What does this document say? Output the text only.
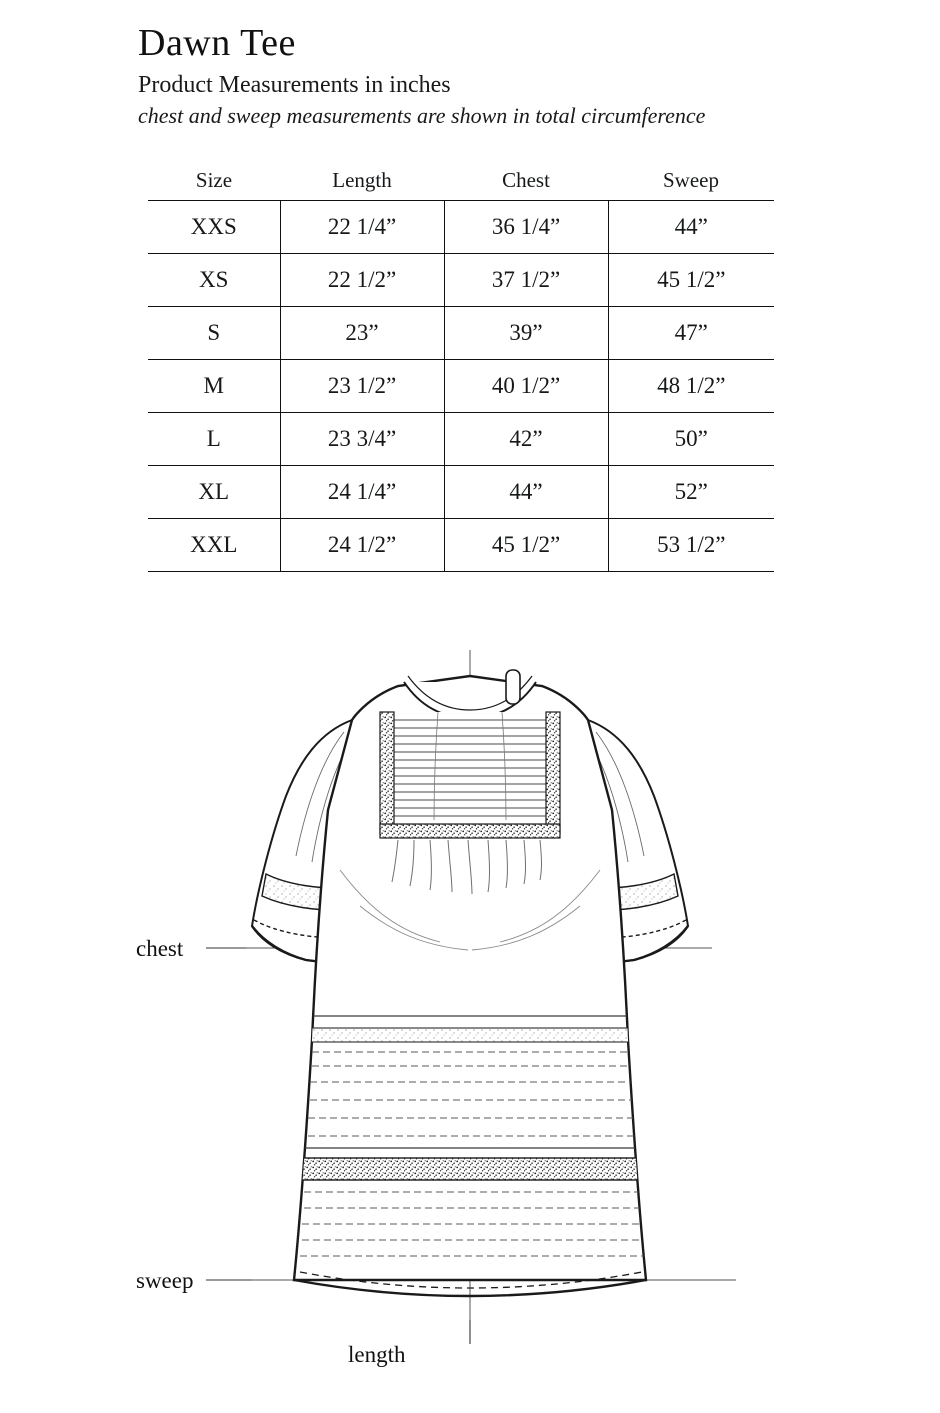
Dawn Tee

Product Measurements in inches

chest and sweep measurements are shown in total circumference

Size	Length	Chest	Sweep
XXS	22 1/4”	36 1/4”	44”
XS	22 1/2”	37 1/2”	45 1/2”
S	23”	39”	47”
M	23 1/2”	40 1/2”	48 1/2”
L	23 3/4”	42”	50”
XL	24 1/4”	44”	52”
XXL	24 1/2”	45 1/2”	53 1/2”
chest
sweep
length
